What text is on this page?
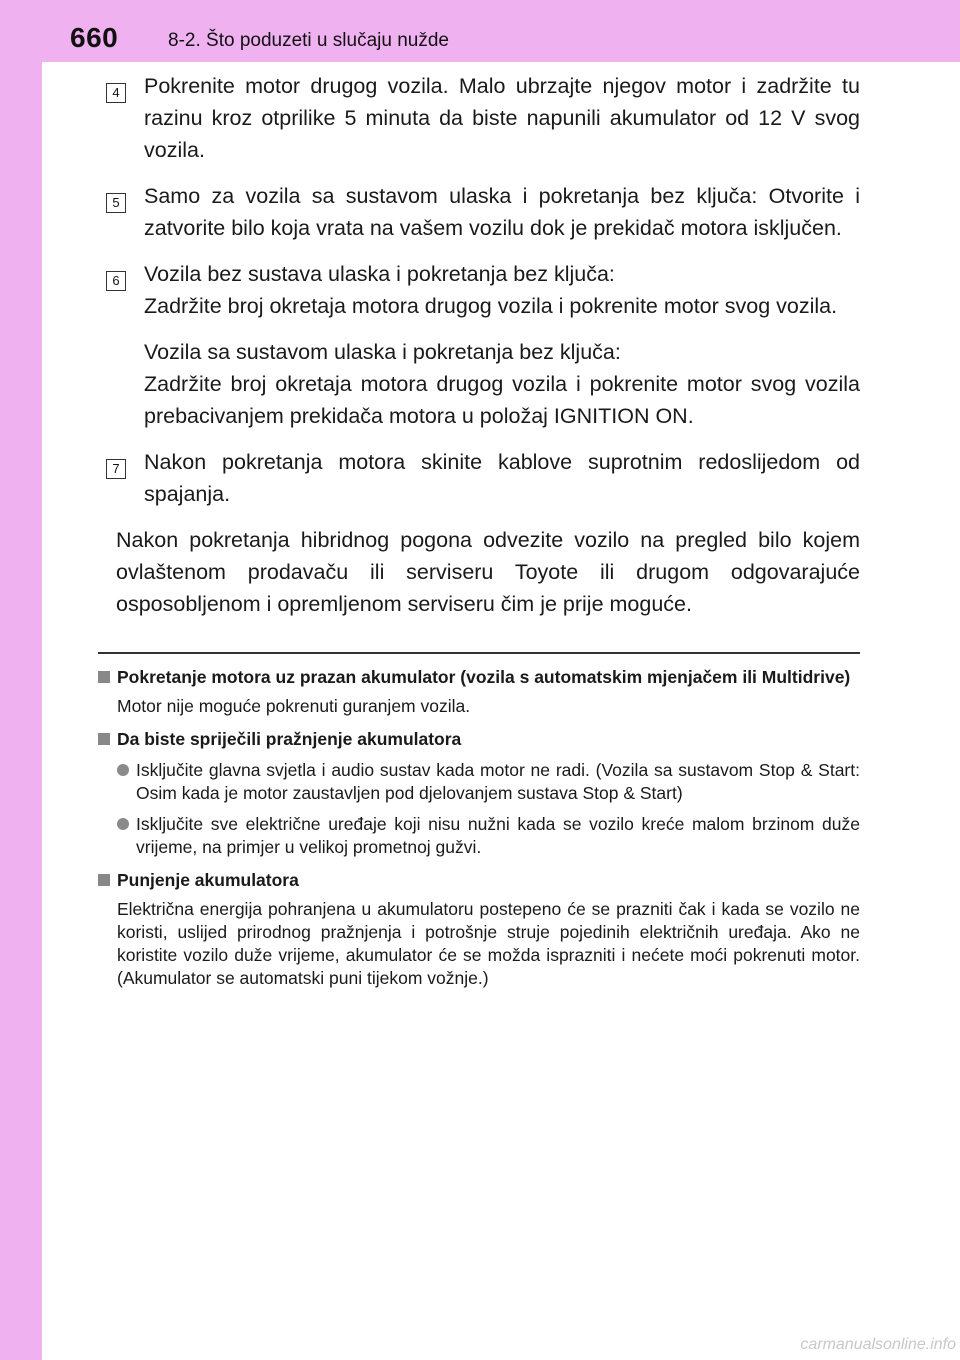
660	8-2. Što poduzeti u slučaju nužde
4 Pokrenite motor drugog vozila. Malo ubrzajte njegov motor i zadržite tu razinu kroz otprilike 5 minuta da biste napunili akumulator od 12 V svog vozila.

5 Samo za vozila sa sustavom ulaska i pokretanja bez ključa: Otvorite i zatvorite bilo koja vrata na vašem vozilu dok je prekidač motora isključen.

6 Vozila bez sustava ulaska i pokretanja bez ključa:

Zadržite broj okretaja motora drugog vozila i pokrenite motor svog vozila.

Vozila sa sustavom ulaska i pokretanja bez ključa:

Zadržite broj okretaja motora drugog vozila i pokrenite motor svog vozila prebacivanjem prekidača motora u položaj IGNITION ON.

7 Nakon pokretanja motora skinite kablove suprotnim redoslijedom od spajanja.

Nakon pokretanja hibridnog pogona odvezite vozilo na pregled bilo kojem ovlaštenom prodavaču ili serviseru Toyote ili drugom odgovarajuće osposobljenom i opremljenom serviseru čim je prije moguće.

Pokretanje motora uz prazan akumulator (vozila s automatskim mjenjačem ili Multidrive)

Motor nije moguće pokrenuti guranjem vozila.

Da biste spriječili pražnjenje akumulatora

Isključite glavna svjetla i audio sustav kada motor ne radi. (Vozila sa sustavom Stop & Start: Osim kada je motor zaustavljen pod djelovanjem sustava Stop & Start)
Isključite sve električne uređaje koji nisu nužni kada se vozilo kreće malom brzinom duže vrijeme, na primjer u velikoj prometnoj gužvi.

Punjenje akumulatora

Električna energija pohranjena u akumulatoru postepeno će se prazniti čak i kada se vozilo ne koristi, uslijed prirodnog pražnjenja i potrošnje struje pojedinih električnih uređaja. Ako ne koristite vozilo duže vrijeme, akumulator će se možda isprazniti i nećete moći pokrenuti motor. (Akumulator se automatski puni tijekom vožnje.)

carmanualsonline.info
